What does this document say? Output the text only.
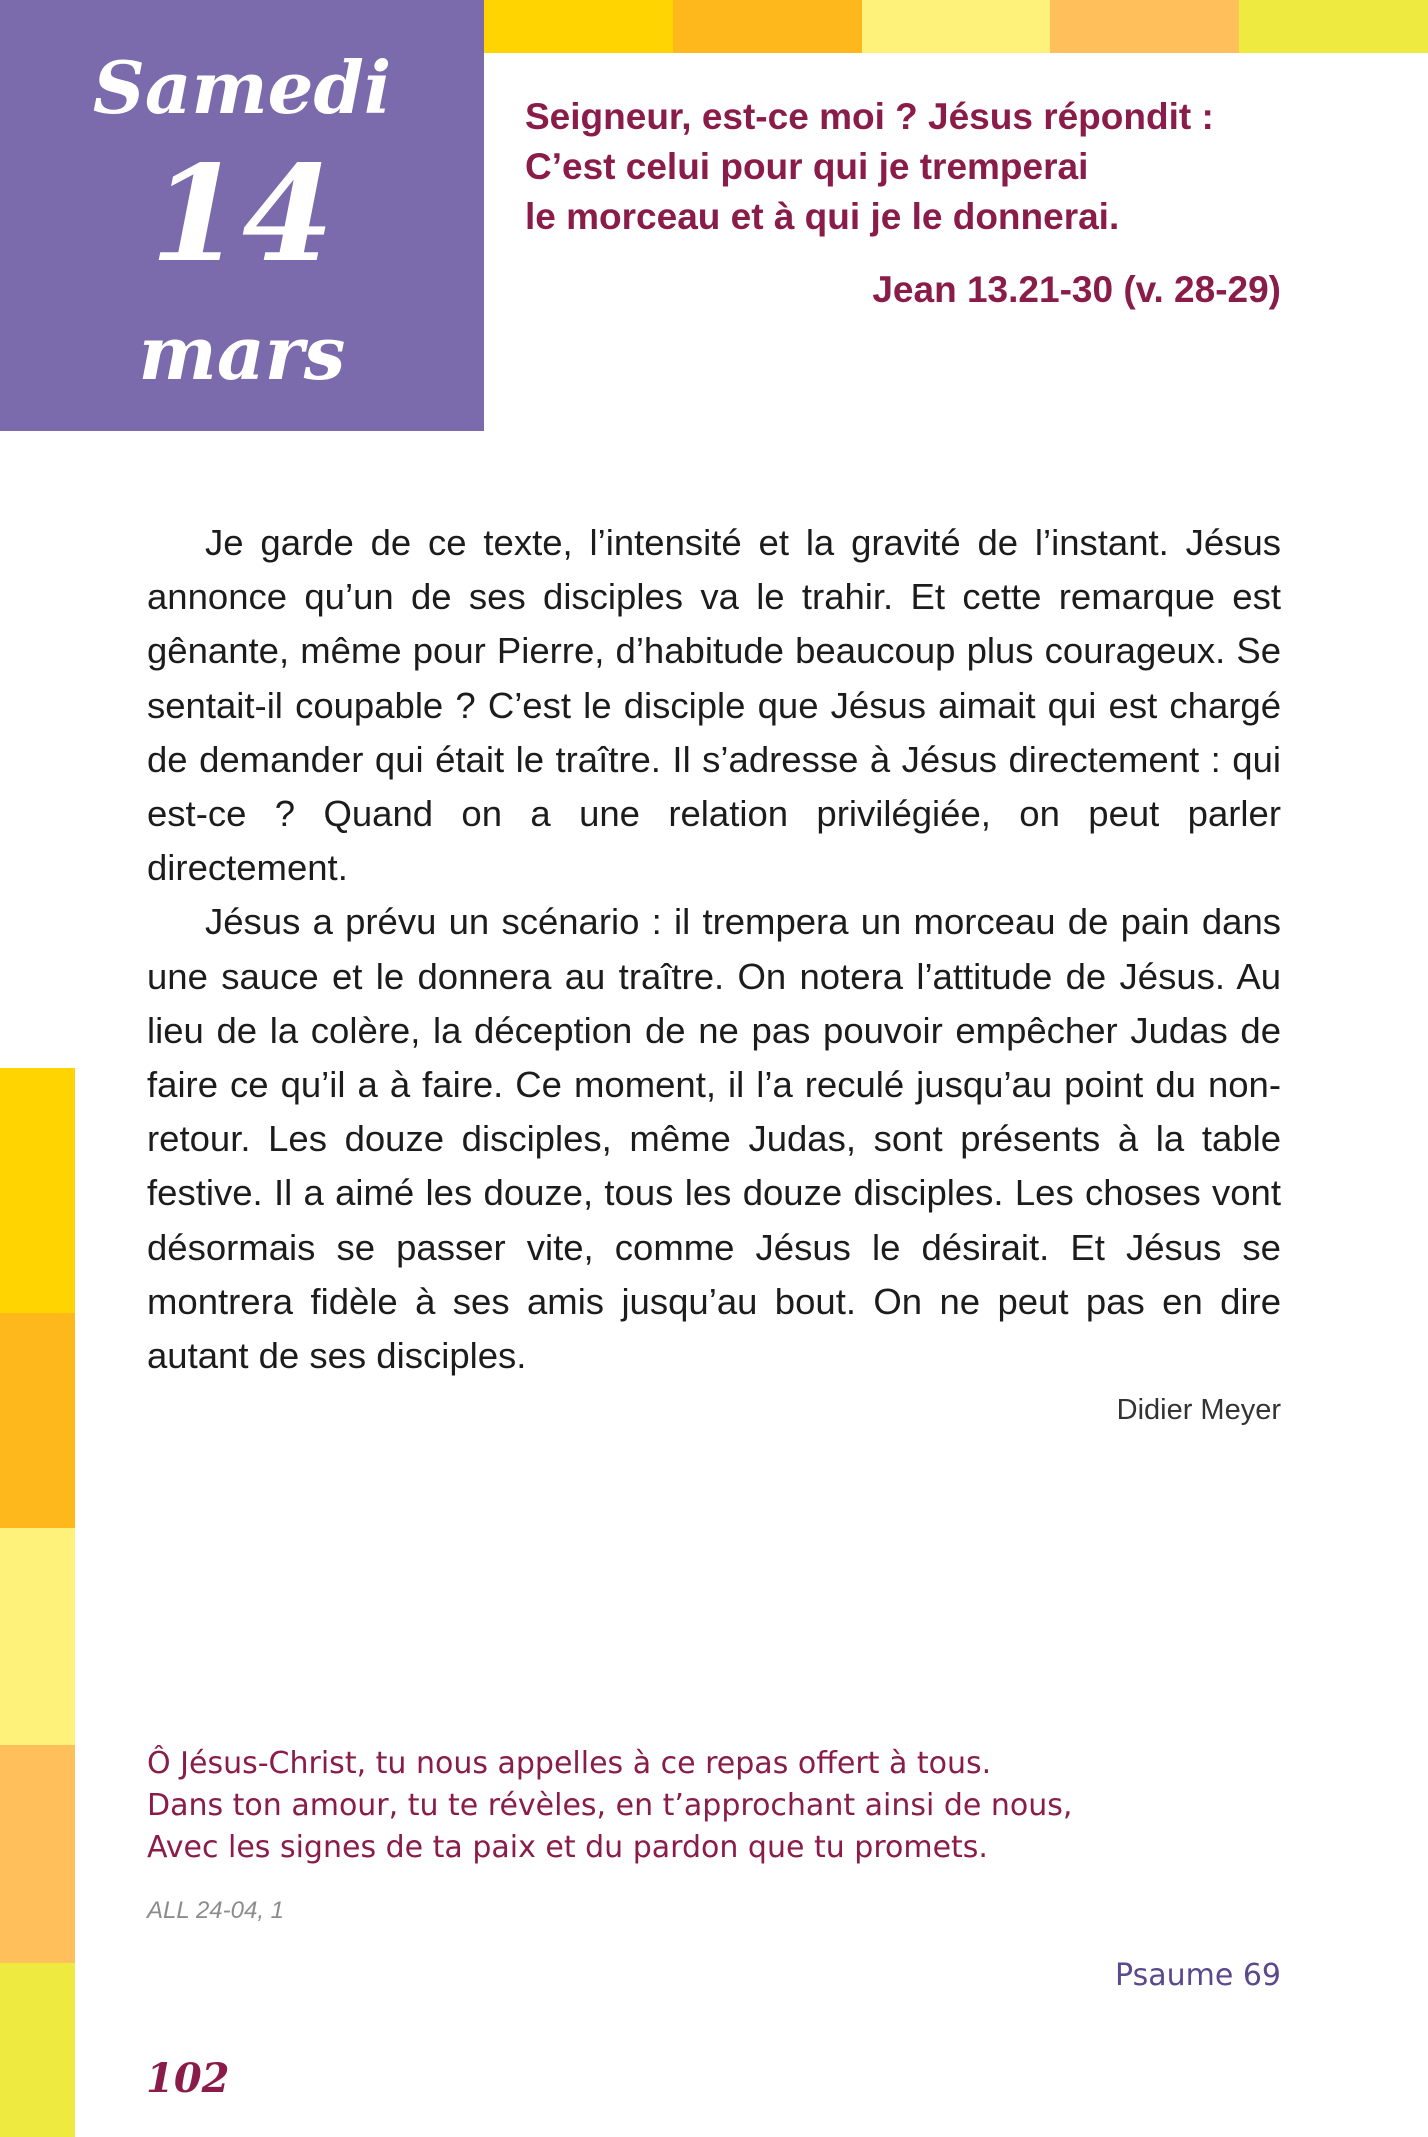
Samedi
14
mars
Seigneur, est-ce moi ? Jésus répondit :
C’est celui pour qui je tremperai
le morceau et à qui je le donnerai.
Jean 13.21-30 (v. 28-29)

Je garde de ce texte, l’intensité et la gravité de l’instant. Jésus annonce qu’un de ses disciples va le trahir. Et cette remarque est gênante, même pour Pierre, d’habitude beaucoup plus courageux. Se sentait-il coupable ? C’est le disciple que Jésus aimait qui est chargé de demander qui était le traître. Il s’adresse à Jésus directement : qui est-ce ? Quand on a une relation privilégiée, on peut parler directement.

Jésus a prévu un scénario : il trempera un morceau de pain dans une sauce et le donnera au traître. On notera l’attitude de Jésus. Au lieu de la colère, la déception de ne pas pouvoir empêcher Judas de faire ce qu’il a à faire. Ce moment, il l’a reculé jusqu’au point du non-retour. Les douze disciples, même Judas, sont présents à la table festive. Il a aimé les douze, tous les douze disciples. Les choses vont désormais se passer vite, comme Jésus le désirait. Et Jésus se montrera fidèle à ses amis jusqu’au bout. On ne peut pas en dire autant de ses disciples.

Didier Meyer
Ô Jésus-Christ, tu nous appelles à ce repas offert à tous.
Dans ton amour, tu te révèles, en t’approchant ainsi de nous,
Avec les signes de ta paix et du pardon que tu promets.
ALL 24-04, 1
Psaume 69
102
